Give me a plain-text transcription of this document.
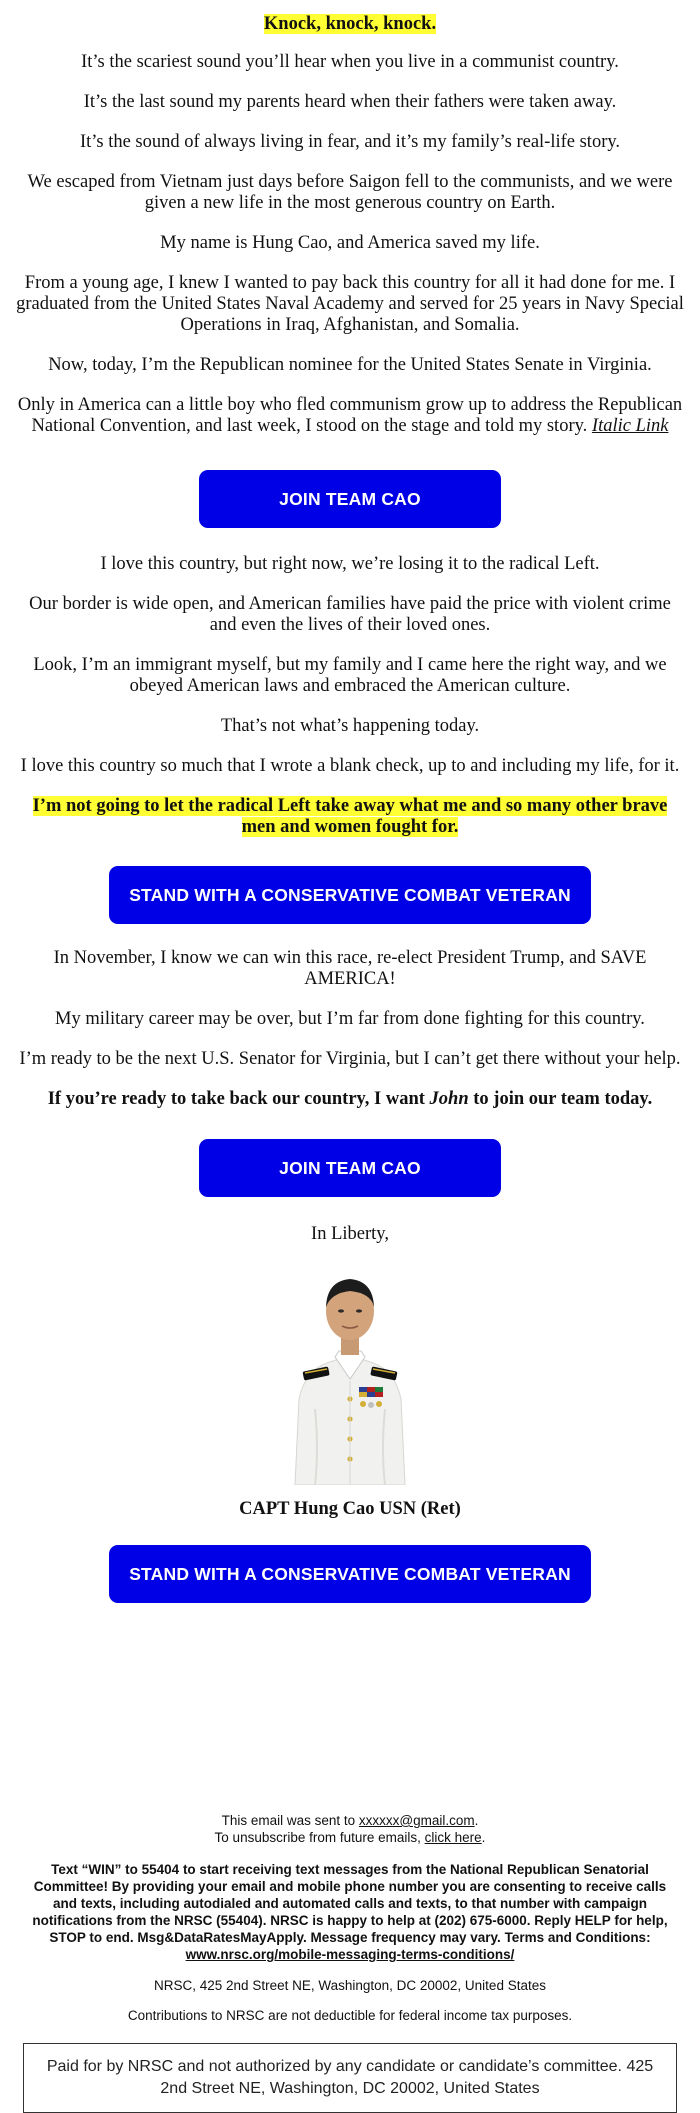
Knock, knock, knock.

It’s the scariest sound you’ll hear when you live in a communist country.

It’s the last sound my parents heard when their fathers were taken away.

It’s the sound of always living in fear, and it’s my family’s real-life story.

We escaped from Vietnam just days before Saigon fell to the communists, and we were given a new life in the most generous country on Earth.

My name is Hung Cao, and America saved my life.

From a young age, I knew I wanted to pay back this country for all it had done for me. I graduated from the United States Naval Academy and served for 25 years in Navy Special Operations in Iraq, Afghanistan, and Somalia.

Now, today, I’m the Republican nominee for the United States Senate in Virginia.

Only in America can a little boy who fled communism grow up to address the Republican National Convention, and last week, I stood on the stage and told my story. Italic Link

JOIN TEAM CAO

I love this country, but right now, we’re losing it to the radical Left.

Our border is wide open, and American families have paid the price with violent crime and even the lives of their loved ones.

Look, I’m an immigrant myself, but my family and I came here the right way, and we obeyed American laws and embraced the American culture.

That’s not what’s happening today.

I love this country so much that I wrote a blank check, up to and including my life, for it.

I’m not going to let the radical Left take away what me and so many other brave men and women fought for.

STAND WITH A CONSERVATIVE COMBAT VETERAN

In November, I know we can win this race, re-elect President Trump, and SAVE AMERICA!

My military career may be over, but I’m far from done fighting for this country.

I’m ready to be the next U.S. Senator for Virginia, but I can’t get there without your help.

If you’re ready to take back our country, I want John to join our team today.

JOIN TEAM CAO

In Liberty,

CAPT Hung Cao USN (Ret)

STAND WITH A CONSERVATIVE COMBAT VETERAN
This email was sent to xxxxxx@gmail.com.
To unsubscribe from future emails, click here.
Text “WIN” to 55404 to start receiving text messages from the National Republican Senatorial Committee! By providing your email and mobile phone number you are consenting to receive calls and texts, including autodialed and automated calls and texts, to that number with campaign notifications from the NRSC (55404). NRSC is happy to help at (202) 675-6000. Reply HELP for help, STOP to end. Msg&DataRatesMayApply. Message frequency may vary. Terms and Conditions: www.nrsc.org/mobile-messaging-terms-conditions/
NRSC, 425 2nd Street NE, Washington, DC 20002, United States
Contributions to NRSC are not deductible for federal income tax purposes.
Paid for by NRSC and not authorized by any candidate or candidate’s committee. 425 2nd Street NE, Washington, DC 20002, United States
